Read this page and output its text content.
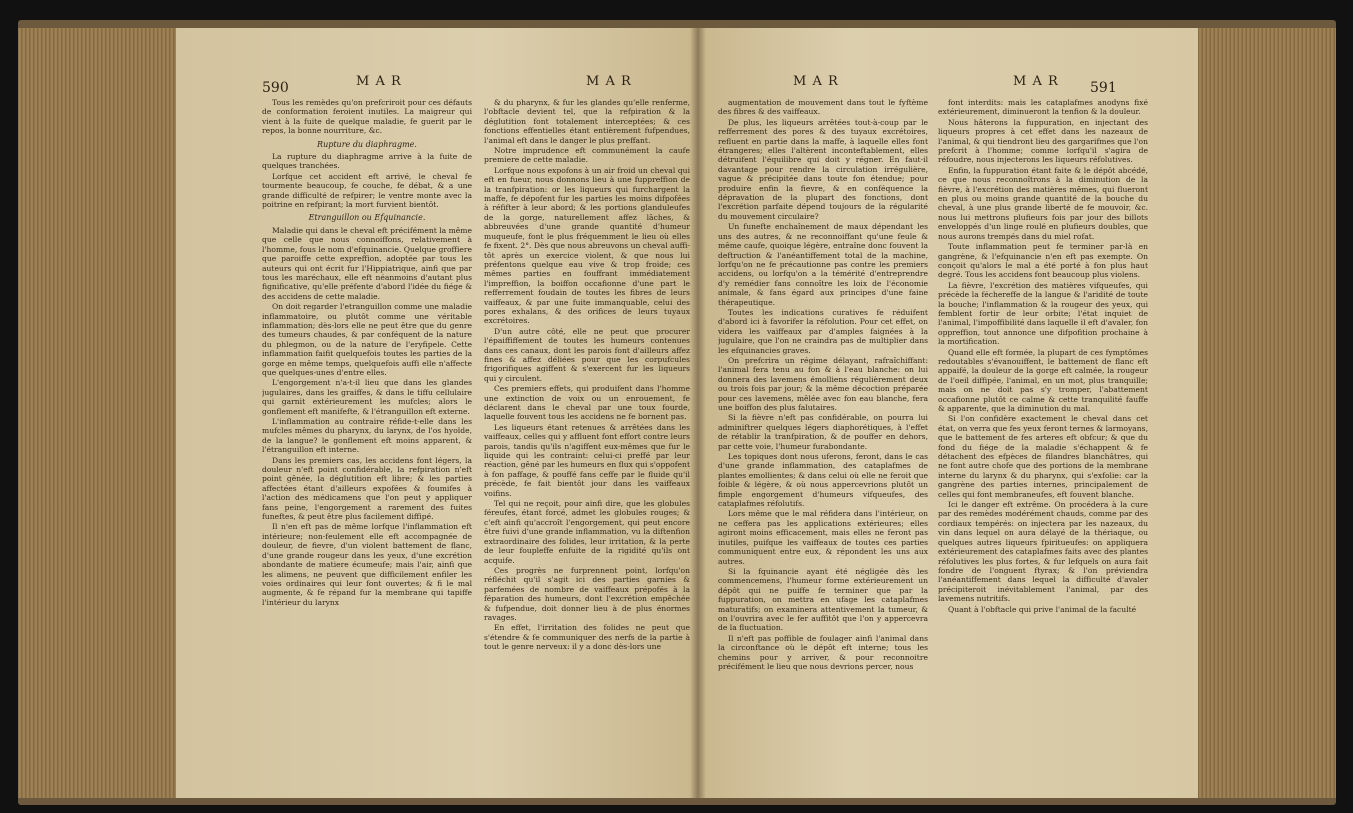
590	M A R	M A R

Tous les remèdes qu'on prefcriroit pour ces défauts de conformation feroient inutiles. La maigreur qui vient à la fuite de quelque maladie, fe guerit par le repos, la bonne nourriture, &c.

Rupture du diaphragme.

La rupture du diaphragme arrive à la fuite de quelques tranchées.

Lorfque cet accident eft arrivé, le cheval fe tourmente beaucoup, fe couche, fe débat, & a une grande difficulté de refpirer; le ventre monte avec la poitrine en refpirant; la mort furvient bientôt.

Etranguillon ou Efquinancie.

Maladie qui dans le cheval eft précifément la même que celle que nous connoiffons, relativement à l'homme, fous le nom d'efquinancie. Quelque groffiere que paroiffe cette expreffion, adoptée par tous les auteurs qui ont écrit fur l'Hippiatrique, ainfi que par tous les maréchaux, elle eft néanmoins d'autant plus fignificative, qu'elle préfente d'abord l'idée du fiége & des accidens de cette maladie.

On doit regarder l'etranguillon comme une maladie inflammatoire, ou plutôt comme une véritable inflammation; dès-lors elle ne peut être que du genre des tumeurs chaudes, & par conféquent de la nature du phlegmon, ou de la nature de l'eryfipele. Cette inflammation faifit quelquefois toutes les parties de la gorge en même temps, quelquefois auffi elle n'affecte que quelques-unes d'entre elles.

L'engorgement n'a-t-il lieu que dans les glandes jugulaires, dans les graiffes, & dans le tiffu cellulaire qui garnit extérieurement les mufcles; alors le gonflement eft manifefte, & l'étranguillon eft externe.

L'inflammation au contraire réfide-t-elle dans les mufcles mêmes du pharynx, du larynx, de l'os hyoïde, de la langue? le gonflement eft moins apparent, & l'étranguillon eft interne.

Dans les premiers cas, les accidens font légers, la douleur n'eft point confidérable, la refpiration n'eft point gênée, la déglutition eft libre; & les parties affectées étant d'ailleurs expofées & foumifes à l'action des médicamens que l'on peut y appliquer fans peine, l'engorgement a rarement des fuites funeftes, & peut être plus facilement diffipé.

Il n'en eft pas de même lorfque l'inflammation eft intérieure; non-feulement elle eft accompagnée de douleur, de fievre, d'un violent battement de flanc, d'une grande rougeur dans les yeux, d'une excrétion abondante de matiere écumeufe; mais l'air, ainfi que les alimens, ne peuvent que difficilement enfiler les voies ordinaires qui leur font ouvertes; & fi le mal augmente, & fe répand fur la membrane qui tapiffe l'intérieur du larynx

& du pharynx, & fur les glandes qu'elle renferme, l'obftacle devient tel, que la refpiration & la déglutition font totalement interceptées; & ces fonctions effentielles étant entièrement fufpendues, l'animal eft dans le danger le plus preffant.

Notre imprudence eft communément la caufe premiere de cette maladie.

Lorfque nous expofons à un air froid un cheval qui eft en fueur, nous donnons lieu à une fuppreffion de la tranfpiration: or les liqueurs qui furchargent la maffe, fe dépofent fur les parties les moins difpofées à réfifter à leur abord; & les portions glanduleufes de la gorge, naturellement affez lâches, & abbreuvées d'une grande quantité d'humeur muqueufe, font le plus fréquemment le lieu où elles fe fixent. 2°. Dès que nous abreuvons un cheval auffi-tôt après un exercice violent, & que nous lui préfentons quelque eau vive & trop froide; ces mêmes parties en fouffrant immédiatement l'impreffion, la boiffon occafionne d'une part le refferrement foudain de toutes les fibres de leurs vaiffeaux, & par une fuite immanquable, celui des pores exhalans, & des orifices de leurs tuyaux excrétoires.

D'un autre côté, elle ne peut que procurer l'épaiffiffement de toutes les humeurs contenues dans ces canaux, dont les parois font d'ailleurs affez fines & affez déliées pour que les corpufcules frigorifiques agiffent & s'exercent fur les liqueurs qui y circulent.

Ces premiers effets, qui produifent dans l'homme une extinction de voix ou un enrouement, fe déclarent dans le cheval par une toux fourde, laquelle fouvent tous les accidens ne fe bornent pas.

Les liqueurs étant retenues & arrêtées dans les vaiffeaux, celles qui y affluent font effort contre leurs parois, tandis qu'ils n'agiffent eux-mêmes que fur le liquide qui les contraint: celui-ci preffé par leur réaction, gêné par les humeurs en flux qui s'oppofent à fon paffage, & pouffé fans ceffe par le fluide qu'il précède, fe fait bientôt jour dans les vaiffeaux voifins.

Tel qui ne reçoit, pour ainfi dire, que les globules féreufes, étant forcé, admet les globules rouges; & c'eft ainfi qu'accroît l'engorgement, qui peut encore être fuivi d'une grande inflammation, vu la diftenfion extraordinaire des folides, leur irritation, & la perte de leur foupleffe enfuite de la rigidité qu'ils ont acquife.

Ces progrès ne furprennent point, lorfqu'on réfléchit qu'il s'agit ici des parties garnies & parfemées de nombre de vaiffeaux prépofés à la féparation des humeurs, dont l'excrétion empêchée & fufpendue, doit donner lieu à de plus énormes ravages.

En effet, l'irritation des folides ne peut que s'étendre & fe communiquer des nerfs de la partie à tout le genre nerveux: il y a donc dès-lors une

M A R	M A R 591

augmentation de mouvement dans tout le fyftème des fibres & des vaiffeaux.

De plus, les liqueurs arrêtées tout-à-coup par le refferrement des pores & des tuyaux excrétoires, refluent en partie dans la maffe, à laquelle elles font étrangeres; elles l'altèrent inconteftablement, elles détruifent l'équilibre qui doit y régner. En faut-il davantage pour rendre la circulation irrégulière, vague & précipitée dans toute fon étendue; pour produire enfin la fievre, & en conféquence la dépravation de la plupart des fonctions, dont l'excrétion parfaite dépend toujours de la régularité du mouvement circulaire?

Un funefte enchaînement de maux dépendant les uns des autres, & ne reconnoiffant qu'une feule & même caufe, quoique légère, entraîne donc fouvent la deftruction & l'anéantiffement total de la machine, lorfqu'on ne fe précautionne pas contre les premiers accidens, ou lorfqu'on a la témérité d'entreprendre d'y remédier fans connoître les loix de l'économie animale, & fans égard aux principes d'une faine thérapeutique.

Toutes les indications curatives fe réduifent d'abord ici à favorifer la réfolution. Pour cet effet, on videra les vaiffeaux par d'amples faignées à la jugulaire, que l'on ne craindra pas de multiplier dans les efquinancies graves.

On prefcrira un régime délayant, rafraîchiffant: l'animal fera tenu au fon & à l'eau blanche: on lui donnera des lavemens émolliens régulièrement deux ou trois fois par jour; & la même décoction préparée pour ces lavemens, mêlée avec fon eau blanche, fera une boiffon des plus falutaires.

Si la fièvre n'eft pas confidérable, on pourra lui adminiftrer quelques légers diaphorétiques, à l'effet de rétablir la tranfpiration, & de pouffer en dehors, par cette voie, l'humeur furabondante.

Les topiques dont nous uferons, feront, dans le cas d'une grande inflammation, des cataplafmes de plantes emollientes; & dans celui où elle ne feroit que foible & légère, & où nous appercevrions plutôt un fimple engorgement d'humeurs vifqueufes, des cataplafmes réfolutifs.

Lors même que le mal réfidera dans l'intérieur, on ne ceffera pas les applications extérieures; elles agiront moins efficacement, mais elles ne feront pas inutiles, puifque les vaiffeaux de toutes ces parties communiquent entre eux, & répondent les uns aux autres.

Si la fquinancie ayant été négligée dès les commencemens, l'humeur forme extérieurement un dépôt qui ne puiffe fe terminer que par la fuppuration, on mettra en ufage les cataplafmes maturatifs; on examinera attentivement la tumeur, & on l'ouvrira avec le fer auffitôt que l'on y appercevra de la fluctuation.

Il n'eft pas poffible de foulager ainfi l'animal dans la circonftance où le dépôt eft interne; tous les chemins pour y arriver, & pour reconnoitre précifément le lieu que nous devrions percer, nous

font interdits: mais les cataplafmes anodyns fixé extérieurement, diminueront la tenfion & la douleur.

Nous hâterons la fuppuration, en injectant des liqueurs propres à cet effet dans les nazeaux de l'animal, & qui tiendront lieu des gargarifmes que l'on prefcrit à l'homme; comme lorfqu'il s'agira de réfoudre, nous injecterons les liqueurs réfolutives.

Enfin, la fuppuration étant faite & le dépôt abcédé, ce que nous reconnoîtrons à la diminution de la fièvre, à l'excrétion des matières mêmes, qui flueront en plus ou moins grande quantité de la bouche du cheval, à une plus grande liberté de fe mouvoir, &c. nous lui mettrons plufieurs fois par jour des billots enveloppés d'un linge roulé en plufieurs doubles, que nous aurons trempés dans du miel rofat.

Toute inflammation peut fe terminer par-là en gangrène, & l'efquinancie n'en eft pas exempte. On conçoit qu'alors le mal a été porté à fon plus haut degré. Tous les accidens font beaucoup plus violens.

La fièvre, l'excrétion des matières vifqueufes, qui précède la féchereffe de la langue & l'aridité de toute la bouche; l'inflammation & la rougeur des yeux, qui femblent fortir de leur orbite; l'état inquiet de l'animal, l'impoffibilité dans laquelle il eft d'avaler, fon oppreffion, tout annonce une difpofition prochaine à la mortification.

Quand elle eft formée, la plupart de ces fymptômes redoutables s'évanouiffent, le battement de flanc eft appaifé, la douleur de la gorge eft calmée, la rougeur de l'oeil diffipée, l'animal, en un mot, plus tranquille; mais on ne doit pas s'y tromper, l'abattement occafionne plutôt ce calme & cette tranquilité fauffe & apparente, que la diminution du mal.

Si l'on confidère exactement le cheval dans cet état, on verra que fes yeux feront ternes & larmoyans, que le battement de fes arteres eft obfcur; & que du fond du fiége de la maladie s'échappent & fe détachent des efpèces de filandres blanchâtres, qui ne font autre chofe que des portions de la membrane interne du larynx & du pharynx, qui s'exfolie: car la gangrène des parties internes, principalement de celles qui font membraneufes, eft fouvent blanche.

Ici le danger eft extrême. On procédera à la cure par des remèdes modérément chauds, comme par des cordiaux tempérés: on injectera par les nazeaux, du vin dans lequel on aura délayé de la thériaque, ou quelques autres liqueurs fpiritueufes: on appliquera extérieurement des cataplafmes faits avec des plantes réfolutives les plus fortes, & fur lefquels on aura fait fondre de l'onguent ftyrax; & l'on préviendra l'anéantiffement dans lequel la difficulté d'avaler précipiteroit inévitablement l'animal, par des lavemens nutritifs.

Quant à l'obftacle qui prive l'animal de la faculté
